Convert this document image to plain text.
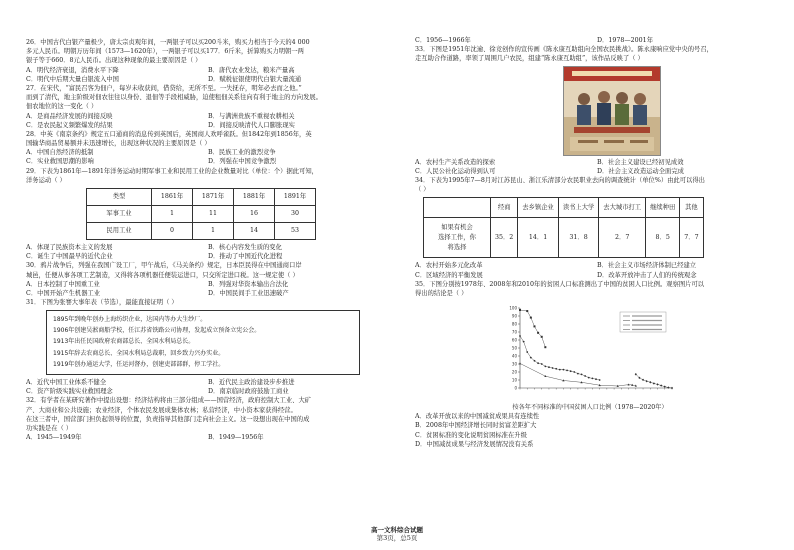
26．中国古代白银产量极少，唐太宗贞观年间，一两银子可以买200斗米，购买力相当于今天的4 000
多元人民币。明朝万历年间（1573—1620年），一两银子可以买177．6斤米，折算购买力明朝一两
银子等于660．8元人民币。出现这种现象的最主要原因是（ ）
A．明代经济衰退，消费水平下降	B．唐代农业发达，粮米产量高
C．明代中后期大量白银流入中国	D．赋税征银使明代白银大量流通
27．在宋代，“富民召客为佃户，每岁未收获间，借贷给，无所不至。一失抚存，明年必去而之他。”
而到了清代，地主阶级对佃农往往以身份、退佃等手段相威胁，迫使租佃关系往向有利于地主的方向发展。
佃农地位的这一变化（ ）
A．是商品经济发展的间接反映	B．与满洲贵族不重视农耕相关
C．是农民起义频繁爆发的结果	D．间接反映清代人口膨胀现实
28．中英《南京条约》规定五口通商的消息传到英国后，英国商人欢呼雀跃。但1842年到1856年，英
国输华商品贸易额并未迅速增长，出现这种状况的主要原因是（ ）
A．中国自然经济的抵制	B．民族工业的激烈竞争
C．实业救国思潮的影响	D．列强在中国竞争激烈
29．下表为1861年—1891年洋务运动时期军事工业和民用工业的企业数量对比（单位：个）据此可知，
洋务运动（ ）
类型	1861年	1871年	1881年	1891年
军事工业	1	11	16	30
民用工业	0	1	14	53
A．体现了民族资本主义的发展	B．核心内容发生质的变化
C．诞生了中国最早的近代企业	D．推动了中国近代化进程
30．鸦片战争后，列强在我国广设工厂，甲午战后，《马关条约》规定，日本臣民得在中国通商口岸
城邑，任便从事各项工艺制造，又得将各项机器任便装运进口，只交所定进口税。这一规定使（ ）
A．日本控制了中国重工业	B．列强对华资本输出合法化
C．中国开始产生机器工业	D．中国民间手工业迅速破产
31．下图为张謇大事年表（节选），最能直接证明（ ）
1895年到晚年创办上海纺织企业，达国内等办大生纱厂。
1906年创建吴淞商船学校，任江苏省铁路公司协理，发起成立预备立宪公会。
1913年出任民国政府农商部总长、全国水利局总长。
1915年辞去农商总长、全国水利局总裁职，回乡致力兴办实业。
1919年创办通运大学，任运河督办，创建吏部部群，停工学社。
A．近代中国工业体系不健全	B．近代民主政治建设步步推进
C．资产阶级实践实业救国理念	D．南京临时政府鼓励工商业
32．有学者在某研究著作中提出设想：经济结构将由三部分组成——国营经济，政府控制大工业、大矿
产、大商业和公共设施；农业经济，个体农民发展成集体农林；私营经济，中小资本家获得经营。
在这三者中，国营部门担负起领导的位置，负责指导其他部门走向社会主义。这一设想出现在中国的成
功实践是在（ ）
A．1945—1949年	B．1949—1956年
C．1956—1966年	D．1978—2001年
33．下图是1951年沈逾、徐竞创作的宣传画《陈永康互助组向全国农民挑战》。陈永康响应党中央的号召，
走互助合作道路，率领了周围几户农民，组建“陈永康互助组”，该作品反映了（ ）
A．农村生产关系改造的探索	B．社会主义建设已经初见成效
C．人民公社化运动得到认可	D．社会主义改造运动全面完成
34．下表为1995年7—8月对江苏昆山、浙江乐清部分农民职业去向的调查统计（单位%）由此可以得出
（ ）
	经商	去乡镇企业	读书上大学	去大城市打工	继续种田	其他
如果有机会
选择工作，你
将选择	35．2	14．1	31．8	2．7	8．5	7．7
A．农村开始多元化改革	B．社会主义市场经济体制已经建立
C．区域经济的平衡发展	D．改革开放冲击了人们的传统观念
35．下图分别按1978年、2008年和2010年的贫困人口标准测出了中国的贫困人口比例。观察图片可以
得出的结论是（ ）
0
10
20
30
40
50
60
70
80
90
100
按各年不同标准的中国贫困人口比例（1978—2020年）
A．改革开放以来的中国减贫成果具有连续性
B．2008年中国经济增长同时贫富差距扩大
C．贫困标准的变化说明贫困标准在升级
D．中国减贫成果与经济发展情况没有关系
高一文科综合试题
第3页，总5页
